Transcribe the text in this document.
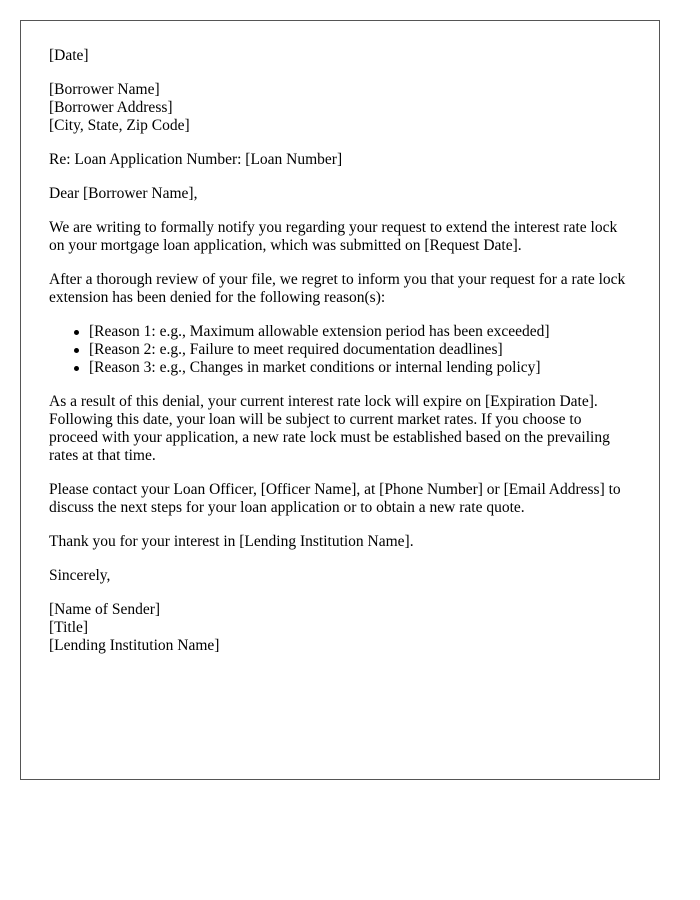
[Date]
[Borrower Name]
[Borrower Address]
[City, State, Zip Code]
Re: Loan Application Number: [Loan Number]
Dear [Borrower Name],
We are writing to formally notify you regarding your request to extend the interest rate lock on your mortgage loan application, which was submitted on [Request Date].
After a thorough review of your file, we regret to inform you that your request for a rate lock extension has been denied for the following reason(s):
[Reason 1: e.g., Maximum allowable extension period has been exceeded]
[Reason 2: e.g., Failure to meet required documentation deadlines]
[Reason 3: e.g., Changes in market conditions or internal lending policy]
As a result of this denial, your current interest rate lock will expire on [Expiration Date]. Following this date, your loan will be subject to current market rates. If you choose to proceed with your application, a new rate lock must be established based on the prevailing rates at that time.
Please contact your Loan Officer, [Officer Name], at [Phone Number] or [Email Address] to discuss the next steps for your loan application or to obtain a new rate quote.
Thank you for your interest in [Lending Institution Name].
Sincerely,
[Name of Sender]
[Title]
[Lending Institution Name]
